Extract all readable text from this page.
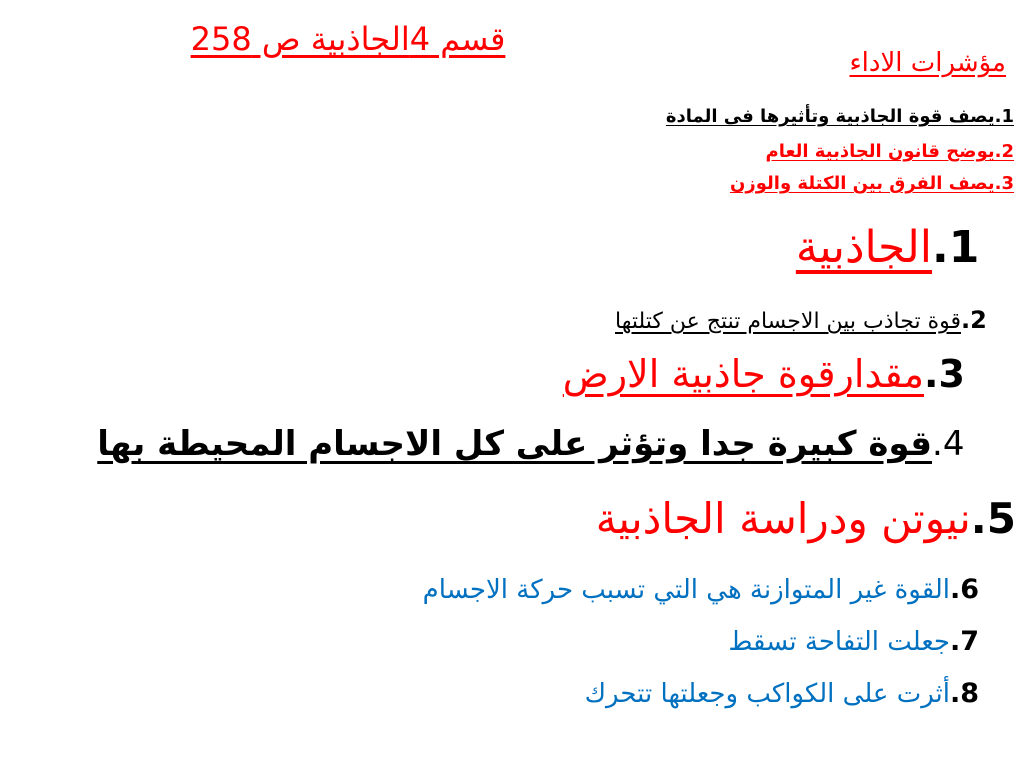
قسم 4الجاذبية ص 258
مؤشرات الاداء
1.يصف قوة الجاذبية وتأثيرها فى المادة
2.يوضح قانون الجاذبية العام
3.يصف الفرق بين الكتلة والوزن
1.
الجاذبية
2.
قوة تجاذب بين الاجسام تنتج عن كتلتها
3.
مقدارقوة جاذبية الارض
4.
قوة كبيرة جدا وتؤثر على كل الاجسام المحيطة بها
5.
نيوتن ودراسة الجاذبية
6.
القوة غير المتوازنة هي التي تسبب حركة الاجسام
7.
جعلت التفاحة تسقط
8.
أثرت على الكواكب وجعلتها تتحرك
